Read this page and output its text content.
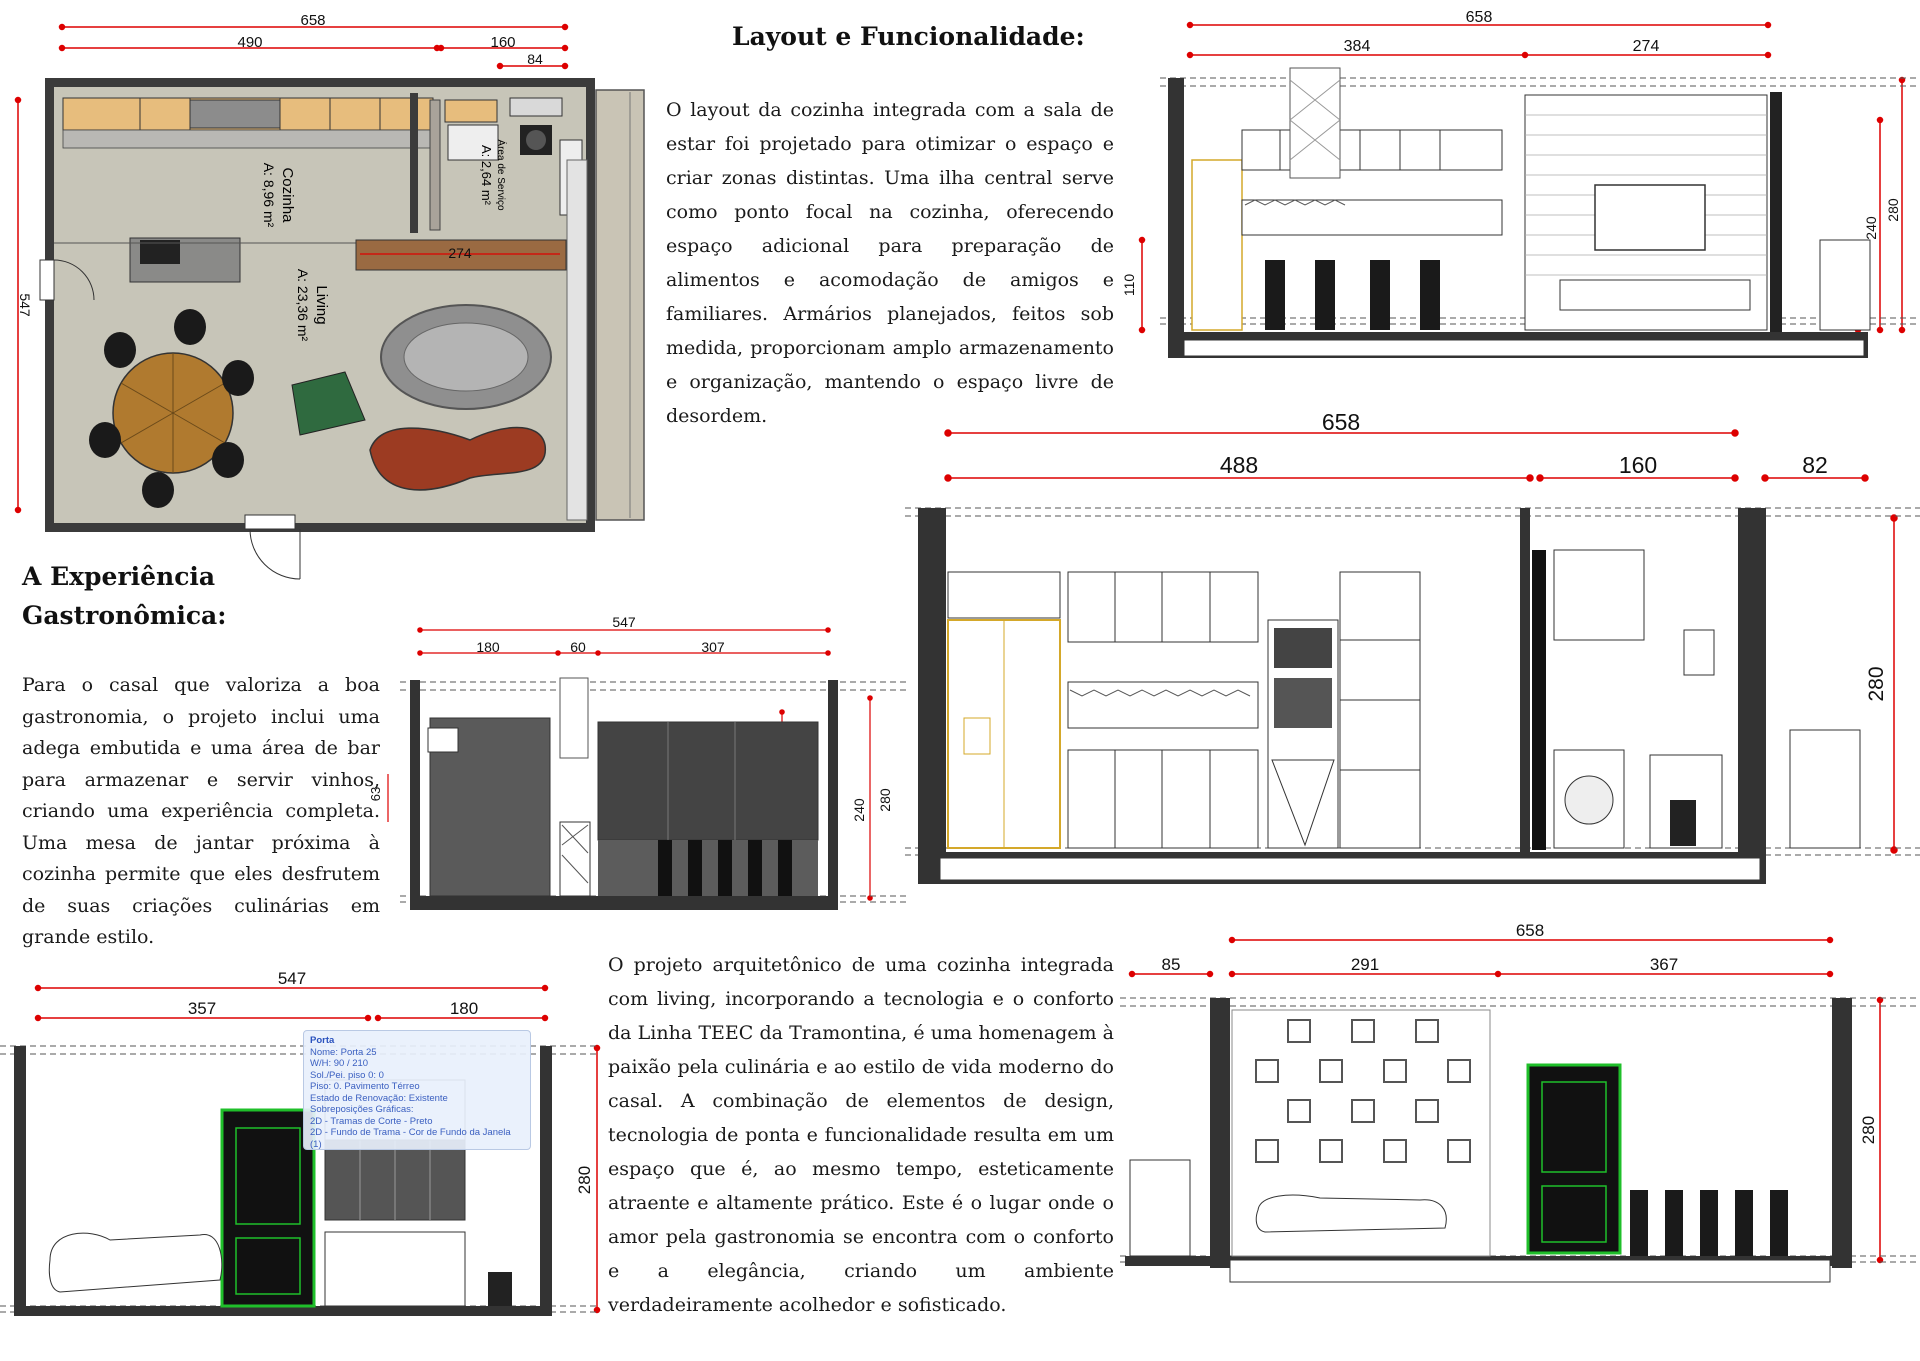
658
490	160
84
547
274
Cozinha
A: 8,96 m²	Área de Serviço
A: 2,64 m²
Living
A: 23,36 m²
Layout e Funcionalidade:
O layout da cozinha integrada com a sala de estar foi projetado para otimizar o espaço e criar zonas distintas. Uma ilha central serve como ponto focal na cozinha, oferecendo espaço adicional para preparação de alimentos e acomodação de amigos e familiares. Armários planejados, feitos sob medida, proporcionam amplo armazenamento e organização, mantendo o espaço livre de desordem.
A Experiência
Gastronômica:
Para o casal que valoriza a boa gastronomia, o projeto inclui uma adega embutida e uma área de bar para armazenar e servir vinhos, criando uma experiência completa. Uma mesa de jantar próxima à cozinha permite que eles desfrutem de suas criações culinárias em grande estilo.
O projeto arquitetônico de uma cozinha integrada com living, incorporando a tecnologia e o conforto da Linha TEEC da Tramontina, é uma homenagem à paixão pela culinária e ao estilo de vida moderno do casal. A combinação de elementos de design, tecnologia de ponta e funcionalidade resulta em um espaço que é, ao mesmo tempo, esteticamente atraente e altamente prático. Este é o lugar onde o amor pela gastronomia se encontra com o conforto e a elegância, criando um ambiente verdadeiramente acolhedor e sofisticado.
658
384	274
110
240
280
658
488	160	82
280
547
180	60	307
63
240 280
547
357	180
280
Porta
Nome: Porta 25
W/H: 90 / 210
Sol./Pei. piso 0: 0
Piso: 0. Pavimento Térreo
Estado de Renovação: Existente
Sobreposições Gráficas:
2D - Tramas de Corte - Preto
2D - Fundo de Trama - Cor de Fundo da Janela (1)
658
85	291	367
280
